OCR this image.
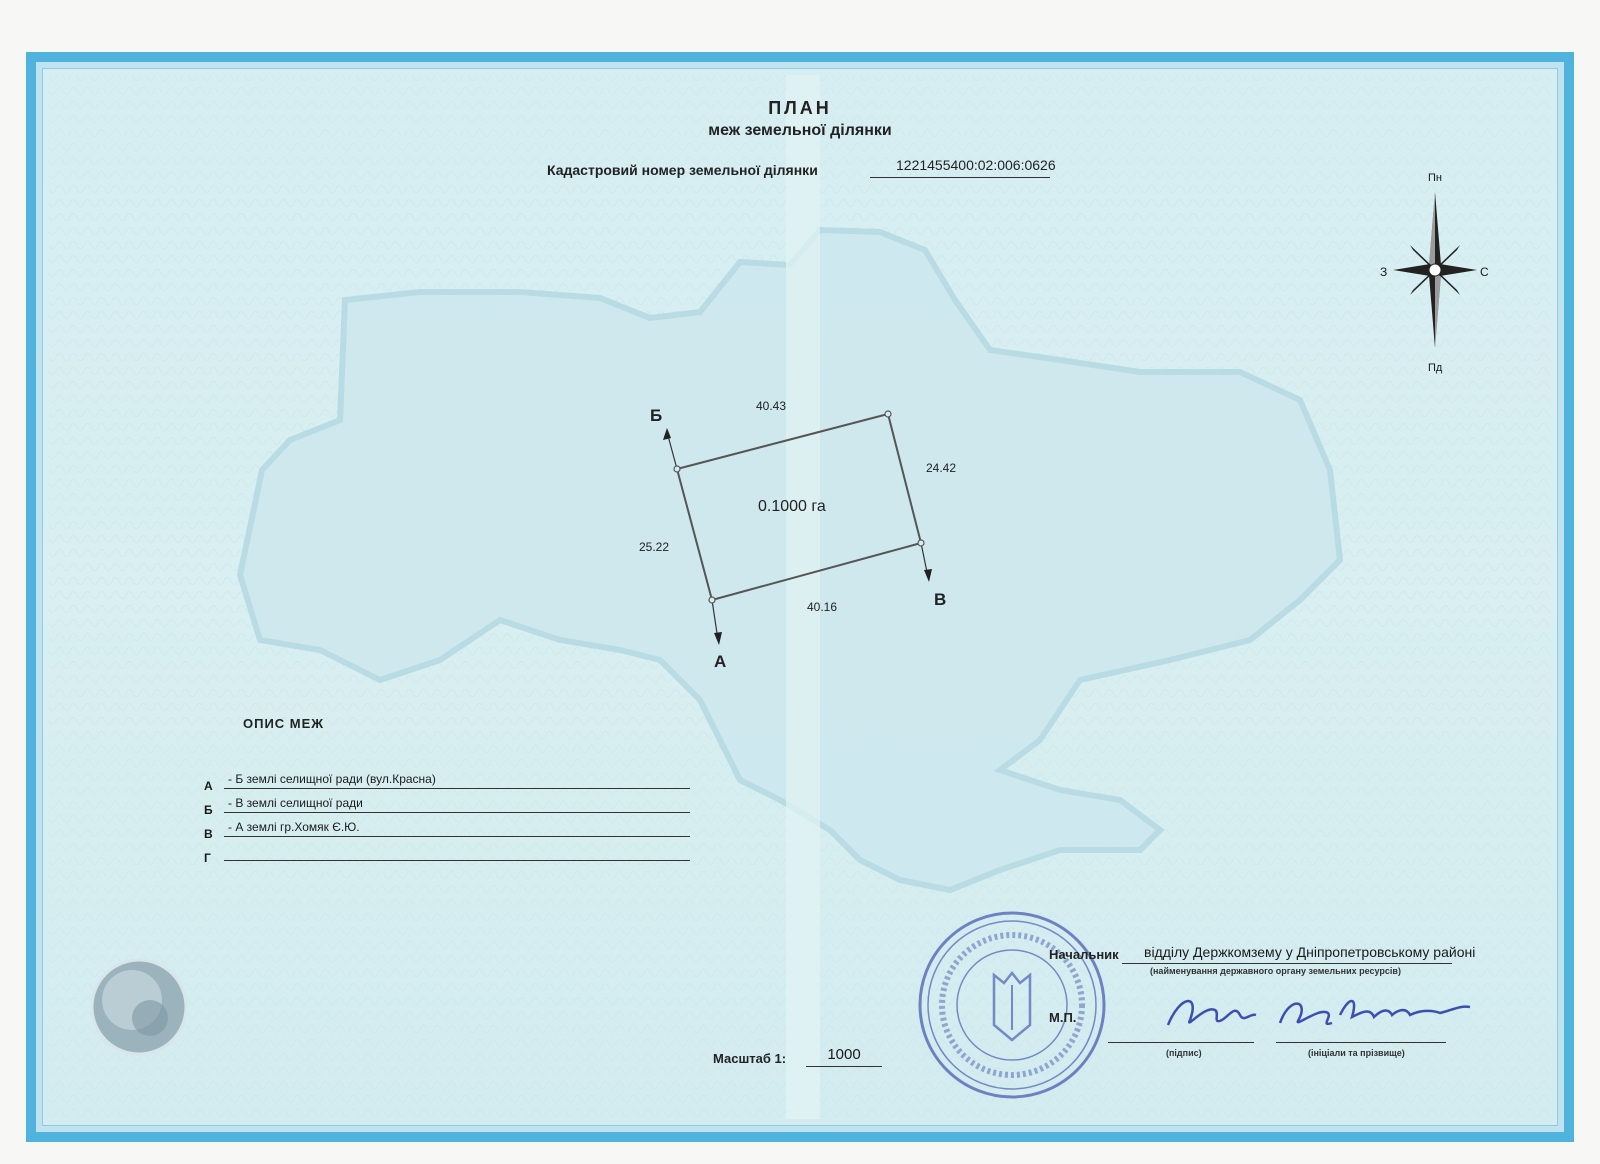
ПЛАН
меж земельної ділянки
Кадастровий номер земельної ділянки	1221455400:02:006:0626
Пн
Пд
З	С
40.43
24.42
40.16
25.22
0.1000 га
Б
В
А
ОПИС МЕЖ
А	- Б землі селищної ради (вул.Красна)
Б	- В землі селищної ради
В	- А землі гр.Хомяк Є.Ю.
Г
Масштаб 1:	1000
Начальник відділу Держкомзему у Дніпропетровському районі
(найменування державного органу земельних ресурсів)
М.П.
(підпис)	(ініціали та прізвище)
